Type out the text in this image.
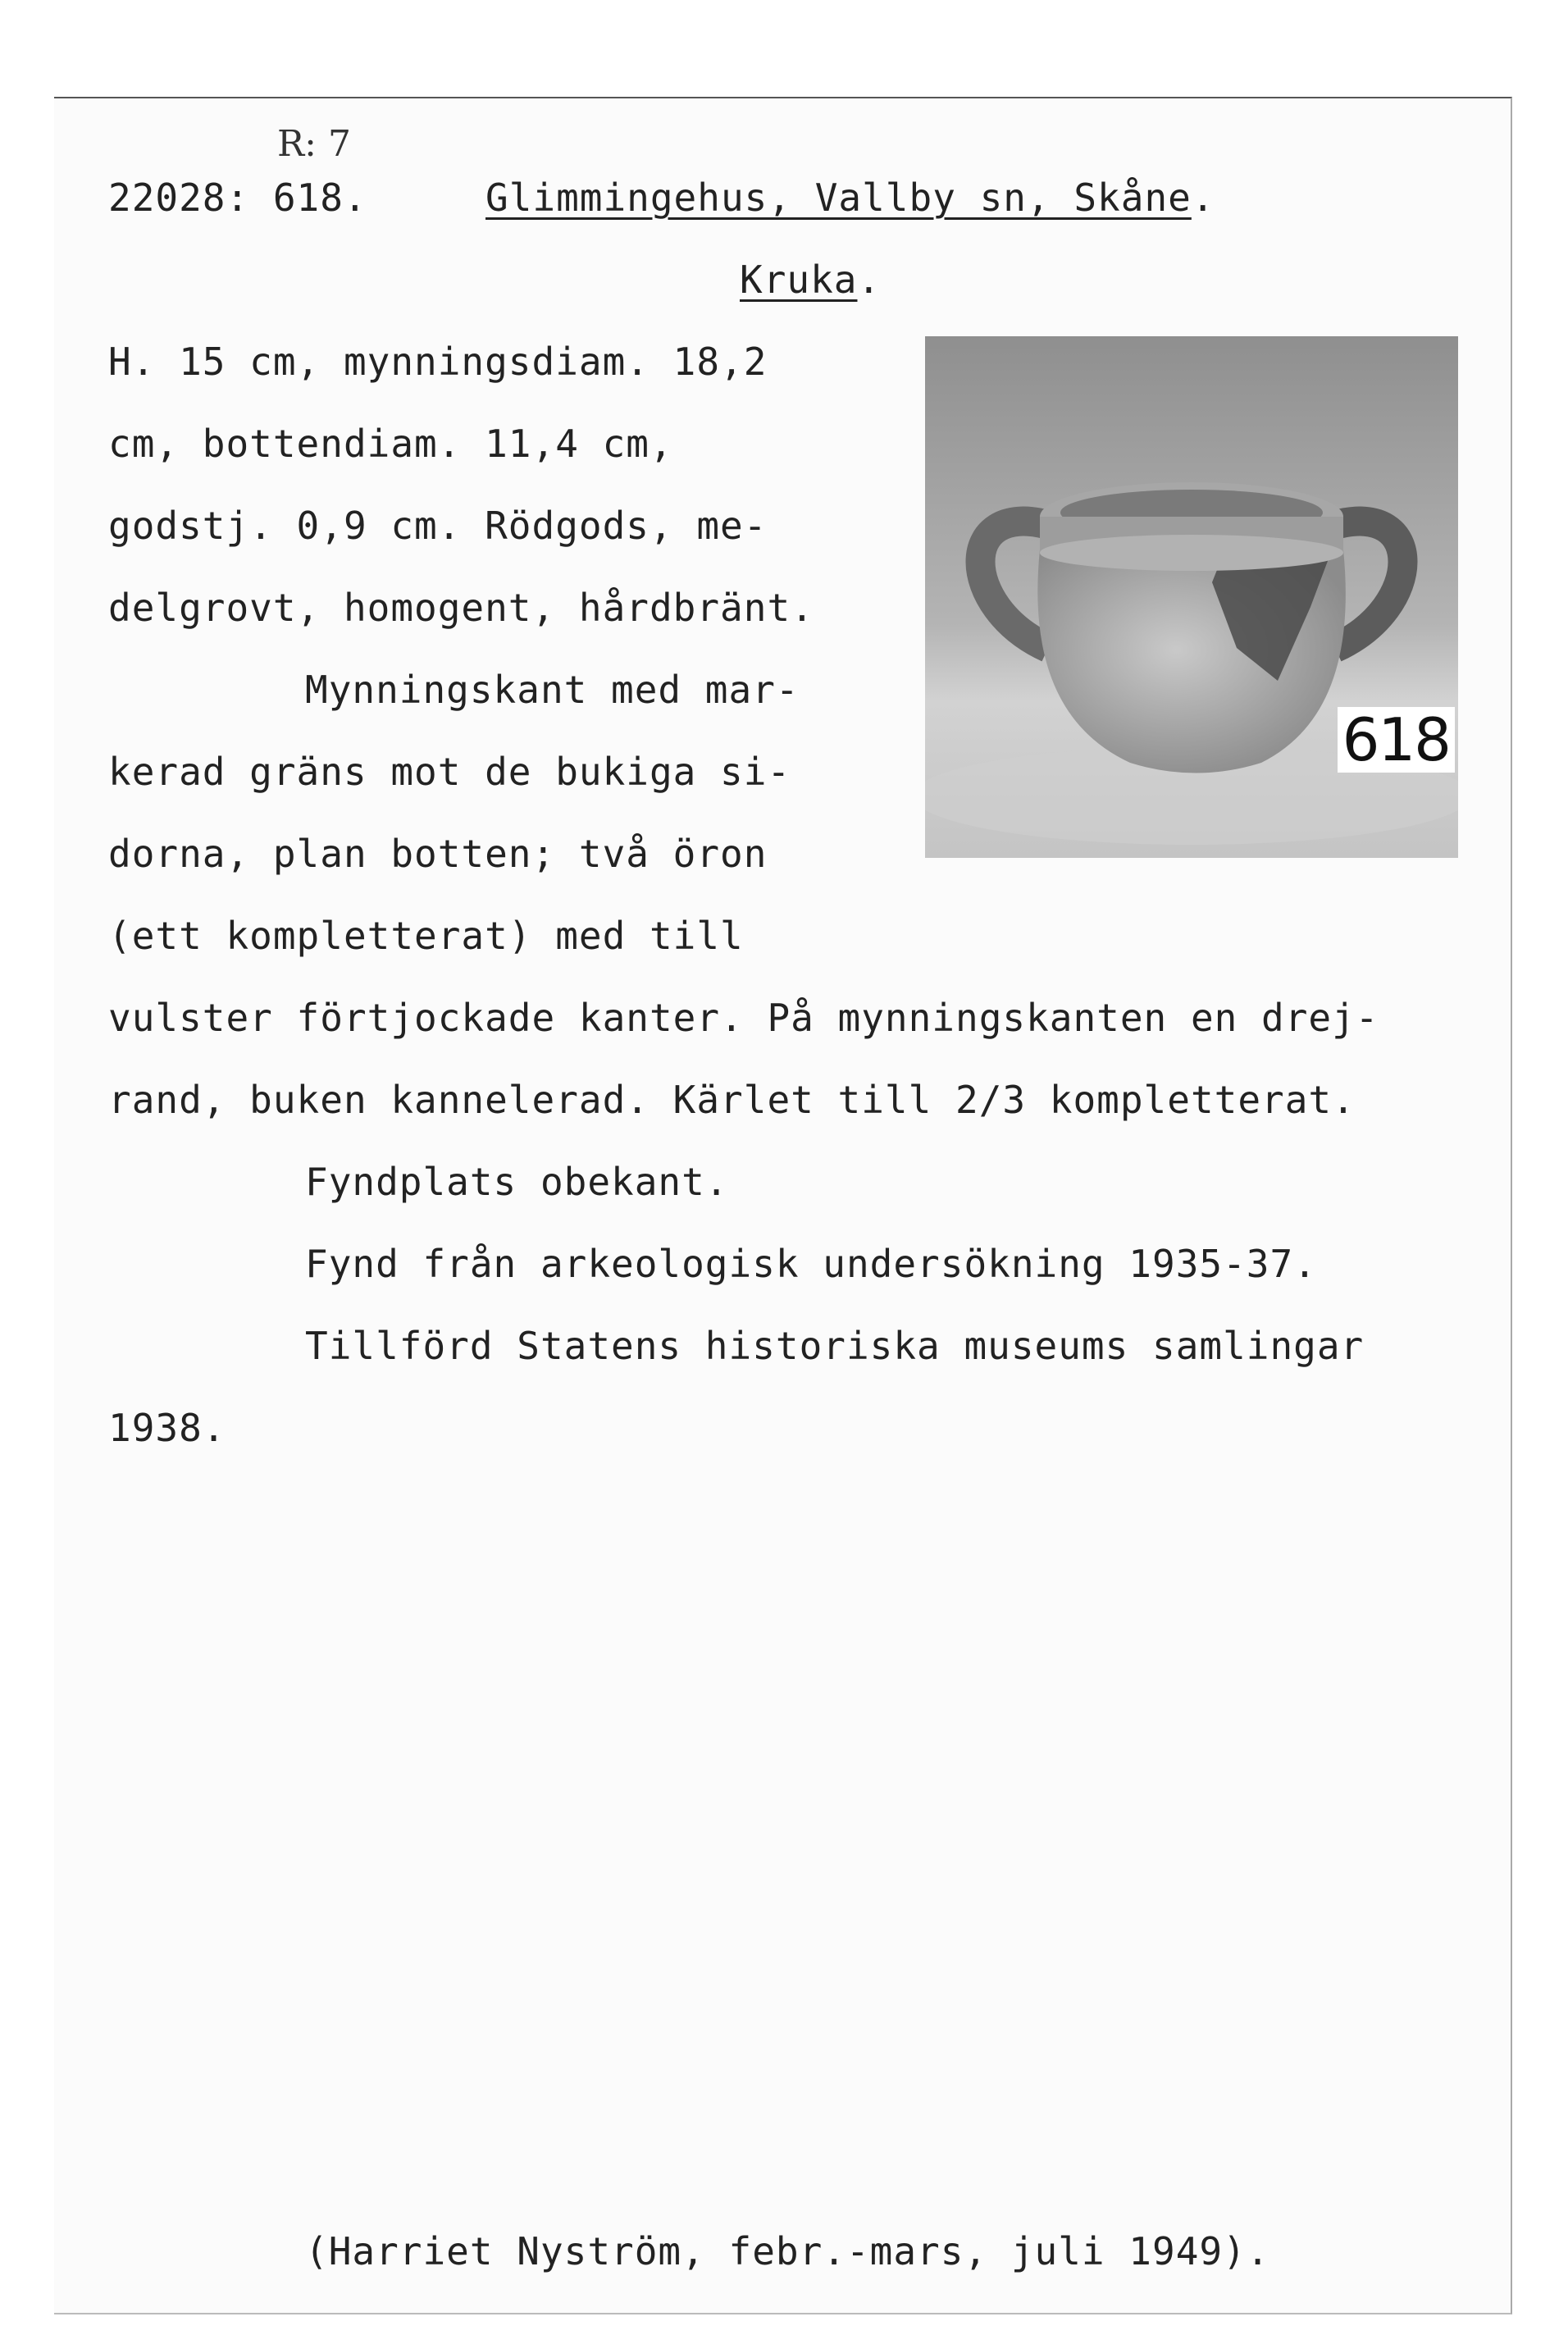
R: 7
22028: 618.	Glimmingehus, Vallby sn, Skåne.
Kruka.
H. 15 cm, mynningsdiam. 18,2
cm, bottendiam. 11,4 cm,
godstj. 0,9 cm. Rödgods, me-
delgrovt, homogent, hårdbränt.
Mynningskant med mar-
kerad gräns mot de bukiga si-
dorna, plan botten; två öron
(ett kompletterat) med till
vulster förtjockade kanter. På mynningskanten en drej-
rand, buken kannelerad. Kärlet till 2/3 kompletterat.
Fyndplats obekant.
Fynd från arkeologisk undersökning 1935-37.
Tillförd Statens historiska museums samlingar
1938.
618
(Harriet Nyström, febr.-mars, juli 1949).
